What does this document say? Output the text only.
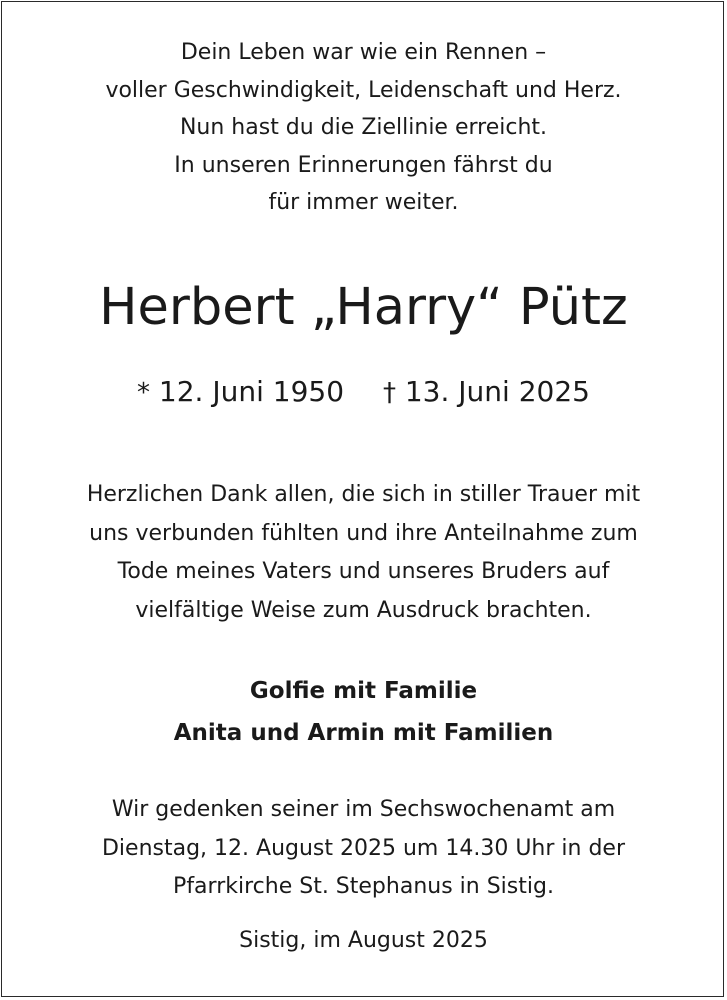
Dein Leben war wie ein Rennen –
voller Geschwindigkeit, Leidenschaft und Herz.
Nun hast du die Ziellinie erreicht.
In unseren Erinnerungen fährst du
für immer weiter.
Herbert „Harry“ Pütz
* 12. Juni 1950 † 13. Juni 2025
Herzlichen Dank allen, die sich in stiller Trauer mit
uns verbunden fühlten und ihre Anteilnahme zum
Tode meines Vaters und unseres Bruders auf
vielfältige Weise zum Ausdruck brachten.
Golfie mit Familie
Anita und Armin mit Familien
Wir gedenken seiner im Sechswochenamt am
Dienstag, 12. August 2025 um 14.30 Uhr in der
Pfarrkirche St. Stephanus in Sistig.
Sistig, im August 2025
